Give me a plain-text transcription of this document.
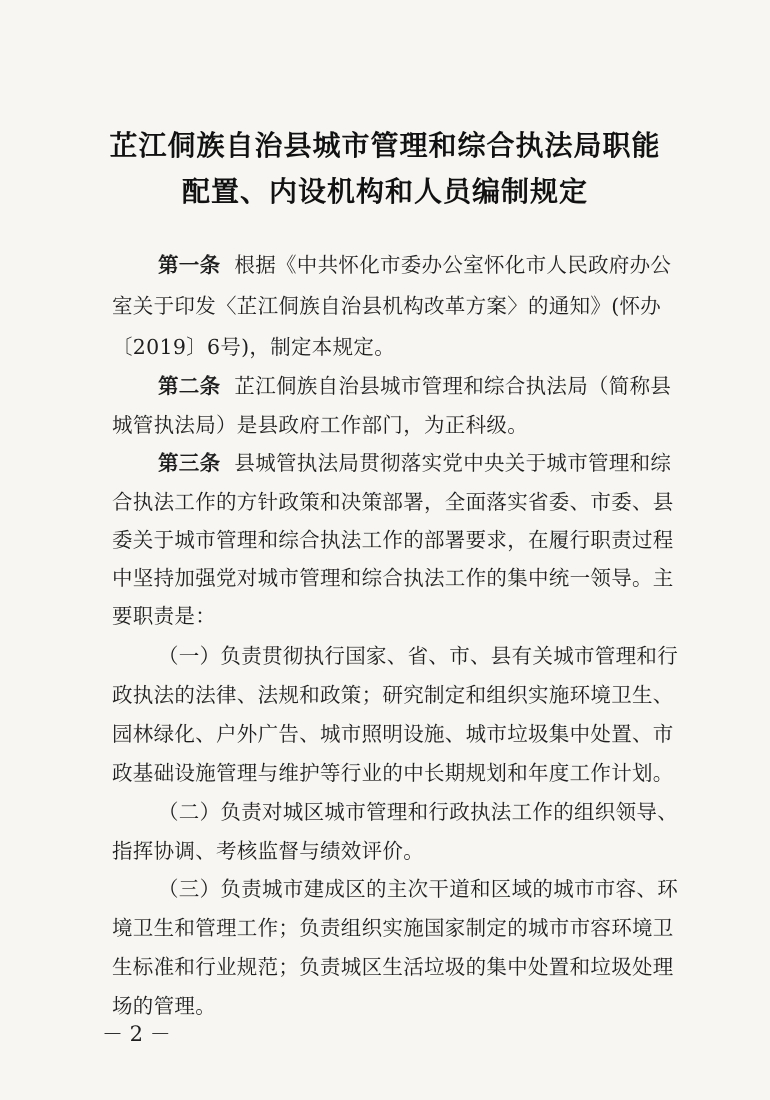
芷江侗族自治县城市管理和综合执法局职能
配置、内设机构和人员编制规定
第一条 根据《中共怀化市委办公室怀化市人民政府办公
室关于印发〈芷江侗族自治县机构改革方案〉的通知》(怀办
〔2019〕6号)，制定本规定。
第二条 芷江侗族自治县城市管理和综合执法局（简称县
城管执法局）是县政府工作部门，为正科级。
第三条 县城管执法局贯彻落实党中央关于城市管理和综
合执法工作的方针政策和决策部署，全面落实省委、市委、县
委关于城市管理和综合执法工作的部署要求，在履行职责过程
中坚持加强党对城市管理和综合执法工作的集中统一领导。主
要职责是：
（一）负责贯彻执行国家、省、市、县有关城市管理和行
政执法的法律、法规和政策；研究制定和组织实施环境卫生、
园林绿化、户外广告、城市照明设施、城市垃圾集中处置、市
政基础设施管理与维护等行业的中长期规划和年度工作计划。
（二）负责对城区城市管理和行政执法工作的组织领导、
指挥协调、考核监督与绩效评价。
（三）负责城市建成区的主次干道和区域的城市市容、环
境卫生和管理工作；负责组织实施国家制定的城市市容环境卫
生标准和行业规范；负责城区生活垃圾的集中处置和垃圾处理
场的管理。
－ 2 －
